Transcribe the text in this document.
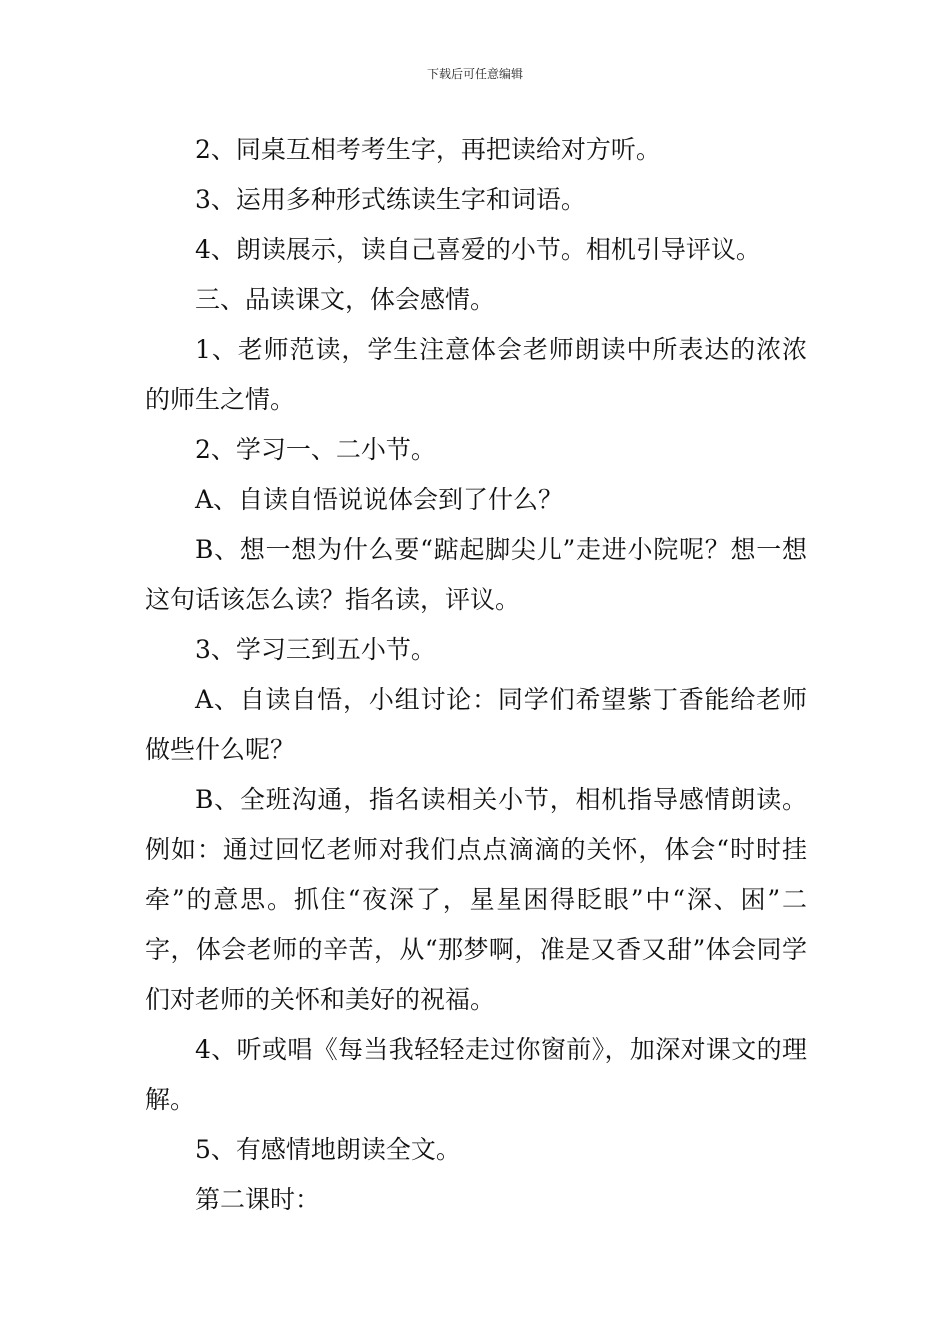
下载后可任意编辑

2、同桌互相考考生字，再把读给对方听。

3、运用多种形式练读生字和词语。

4、朗读展示，读自己喜爱的小节。相机引导评议。

三、品读课文，体会感情。

1、老师范读，学生注意体会老师朗读中所表达的浓浓的师生之情。

2、学习一、二小节。

A、自读自悟说说体会到了什么？

B、想一想为什么要“踮起脚尖儿”走进小院呢？想一想这句话该怎么读？指名读，评议。

3、学习三到五小节。

A、自读自悟，小组讨论：同学们希望紫丁香能给老师做些什么呢？

B、全班沟通，指名读相关小节，相机指导感情朗读。例如：通过回忆老师对我们点点滴滴的关怀，体会“时时挂牵”的意思。抓住“夜深了，星星困得眨眼”中“深、困”二字，体会老师的辛苦，从“那梦啊，准是又香又甜”体会同学们对老师的关怀和美好的祝福。

4、听或唱《每当我轻轻走过你窗前》，加深对课文的理解。

5、有感情地朗读全文。

第二课时：
